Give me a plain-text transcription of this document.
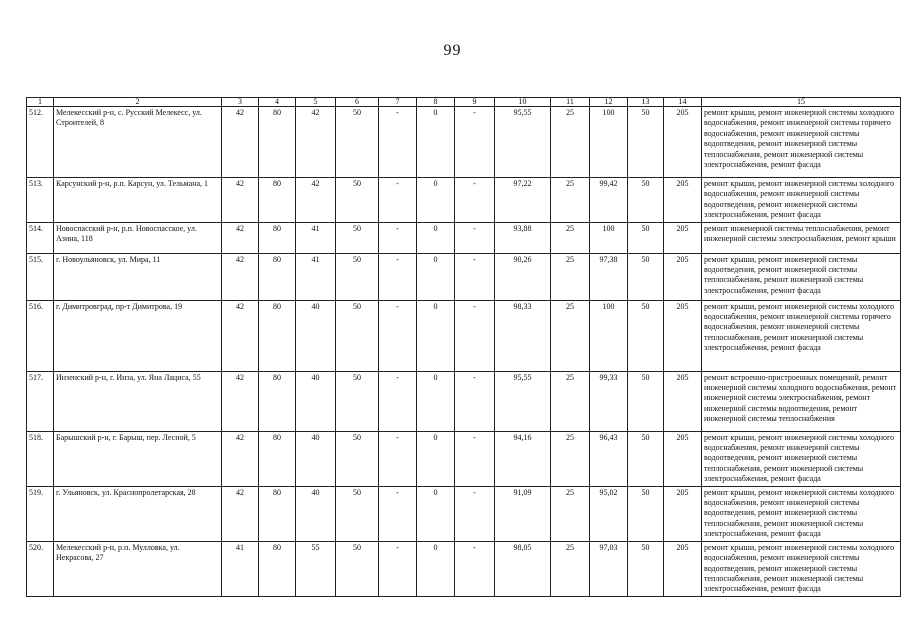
99
1	2	3	4	5	6	7	8	9	10	11	12	13	14	15
512.	Мелекесский р-н, с. Русский Мелекесс, ул. Строителей, 8	42	80	42	50	-	0	-	95,55	25	100	50	205	ремонт крыши, ремонт инженерной системы холодного водоснабжения, ремонт инженерной системы горячего водоснабжения, ремонт инженерной системы водоотведения, ремонт инженерной системы теплоснабжения, ремонт инженерной системы электроснабжения, ремонт фасада
513.	Карсунский р-н, р.п. Карсун, ул. Тельмана, 1	42	80	42	50	-	0	-	97,22	25	99,42	50	205	ремонт крыши, ремонт инженерной системы холодного водоснабжения, ремонт инженерной системы водоотведения, ремонт инженерной системы электроснабжения, ремонт фасада
514.	Новоспасский р-н, р.п. Новоспасское, ул. Азина, 118	42	80	41	50	-	0	-	93,88	25	100	50	205	ремонт инженерной системы теплоснабжения, ремонт инженерной системы электроснабжения, ремонт крыши
515.	г. Новоульяновск, ул. Мира, 11	42	80	41	50	-	0	-	90,26	25	97,38	50	205	ремонт крыши, ремонт инженерной системы водоотведения, ремонт инженерной системы теплоснабжения, ремонт инженерной системы электроснабжения, ремонт фасада
516.	г. Димитровград, пр-т Димитрова, 19	42	80	40	50	-	0	-	98,33	25	100	50	205	ремонт крыши, ремонт инженерной системы холодного водоснабжения, ремонт инженерной системы горячего водоснабжения, ремонт инженерной системы теплоснабжения, ремонт инженерной системы электроснабжения, ремонт фасада
517.	Инзенский р-н, г. Инза, ул. Яна Лациса, 55	42	80	40	50	-	0	-	95,55	25	99,33	50	205	ремонт встроенно-пристроенных помещений, ремонт инженерной системы холодного водоснабжения, ремонт инженерной системы электроснабжения, ремонт инженерной системы водоотведения, ремонт инженерной системы теплоснабжения
518.	Барышский р-н, г. Барыш, пер. Лесной, 5	42	80	40	50	-	0	-	94,16	25	96,43	50	205	ремонт крыши, ремонт инженерной системы холодного водоснабжения, ремонт инженерной системы водоотведения, ремонт инженерной системы теплоснабжения, ремонт инженерной системы электроснабжения, ремонт фасада
519.	г. Ульяновск, ул. Краснопролетарская, 28	42	80	40	50	-	0	-	91,09	25	95,02	50	205	ремонт крыши, ремонт инженерной системы холодного водоснабжения, ремонт инженерной системы водоотведения, ремонт инженерной системы теплоснабжения, ремонт инженерной системы электроснабжения, ремонт фасада
520.	Мелекесский р-н, р.п. Мулловка, ул. Некрасова, 27	41	80	55	50	-	0	-	98,05	25	97,03	50	205	ремонт крыши, ремонт инженерной системы холодного водоснабжения, ремонт инженерной системы водоотведения, ремонт инженерной системы теплоснабжения, ремонт инженерной системы электроснабжения, ремонт фасада
